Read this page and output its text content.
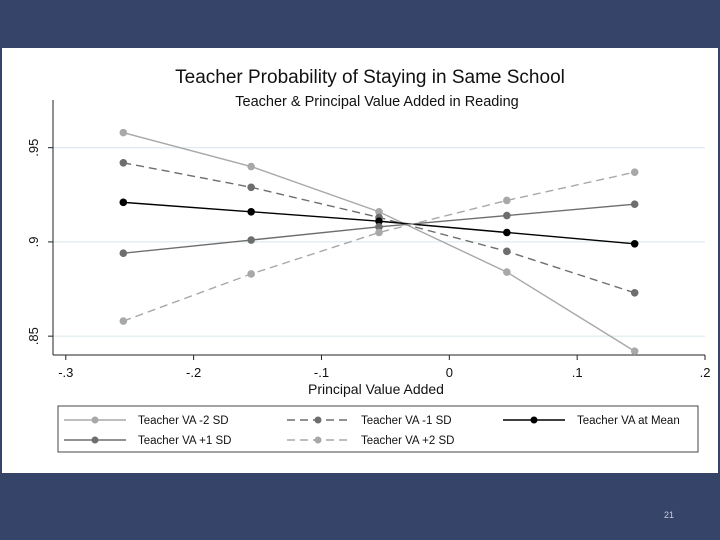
21
Teacher Probability of Staying in Same School
Teacher & Principal Value Added in Reading
.85
.9
.95
-.3	-.2	-.1	0	.1	.2
Principal Value Added
Teacher VA -2 SD	Teacher VA -1 SD	Teacher VA at Mean
Teacher VA +1 SD	Teacher VA +2 SD
